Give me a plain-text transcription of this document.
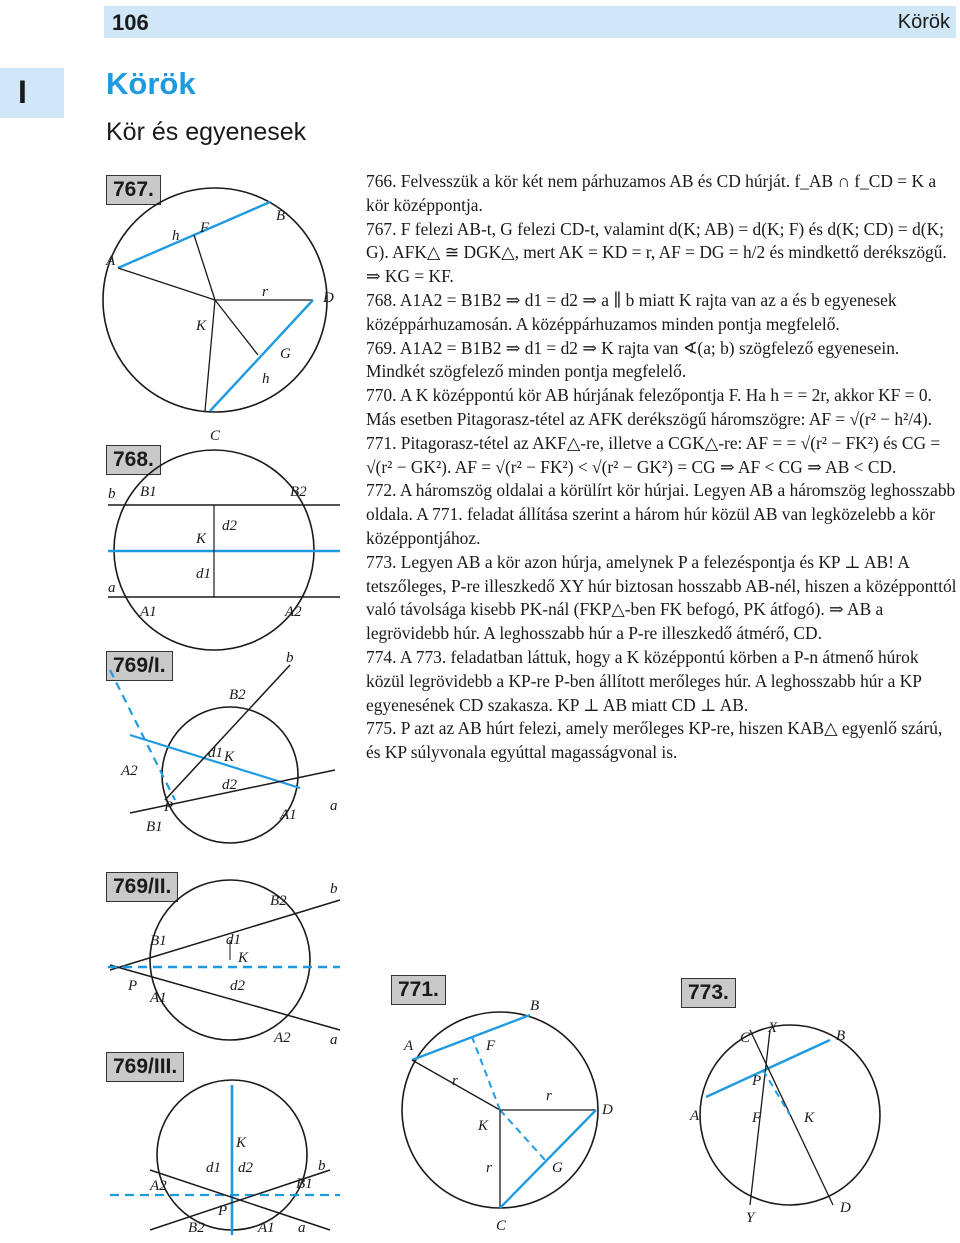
106	Körök
I	Körök
Kör és egyenesek
767.
768.
769/I.
769/II.
769/III.
771.	773.

766. Felvesszük a kör két nem párhuzamos AB és CD húrját. f_AB ∩ f_CD = K a kör középpontja.

767. F felezi AB-t, G felezi CD-t, valamint d(K; AB) = d(K; F) és d(K; CD) = d(K; G). AFK△ ≅ DGK△, mert AK = KD = r, AF = DG = h/2 és mindkettő derékszögű. ⇒ KG = KF.

768. A1A2 = B1B2 ⇒ d1 = d2 ⇒ a ∥ b miatt K rajta van az a és b egyenesek középpárhuzamosán. A középpárhuzamos minden pontja megfelelő.

769. A1A2 = B1B2 ⇒ d1 = d2 ⇒ K rajta van ∢(a; b) szögfelező egyenesein. Mindkét szögfelező minden pontja megfelelő.

770. A K középpontú kör AB húrjának felezőpontja F. Ha h = = 2r, akkor KF = 0. Más esetben Pitagorasz-tétel az AFK derékszögű háromszögre: AF = √(r² − h²/4).

771. Pitagorasz-tétel az AKF△-re, illetve a CGK△-re: AF = = √(r² − FK²) és CG = √(r² − GK²). AF = √(r² − FK²) < √(r² − GK²) = CG ⇒ AF < CG ⇒ AB < CD.

772. A háromszög oldalai a körülírt kör húrjai. Legyen AB a háromszög leghosszabb oldala. A 771. feladat állítása szerint a három húr közül AB van legközelebb a kör középpontjához.

773. Legyen AB a kör azon húrja, amelynek P a felezéspontja és KP ⊥ AB! A tetszőleges, P-re illeszkedő XY húr biztosan hosszabb AB-nél, hiszen a középponttól való távolsága kisebb PK-nál (FKP△-ben FK befogó, PK átfogó). ⇒ AB a legrövidebb húr. A leghosszabb húr a P-re illeszkedő átmérő, CD.

774. A 773. feladatban láttuk, hogy a K középpontú körben a P-n átmenő húrok közül legrövidebb a KP-re P-ben állított merőleges húr. A leghosszabb húr a KP egyenesének CD szakasza. KP ⊥ AB miatt CD ⊥ AB.

775. P azt az AB húrt felezi, amely merőleges KP-re, hiszen KAB△ egyenlő szárú, és KP súlyvonala egyúttal magasságvonal is.

A
h F
B
r	D
K
G
h
C
b B1	B2
K
d2
d1
a
A1	A2
b
B2
A2
d1 K
d2
P
B1
A1
a
B2
b
B1	d1
K
P
A1
d2
A2	a
K
d1 d2	b
A2	B1
P
B2	A1 a
B
A	F
r
r
D
K
r	G
C
X
C	B
P
A	F	K
Y
D
